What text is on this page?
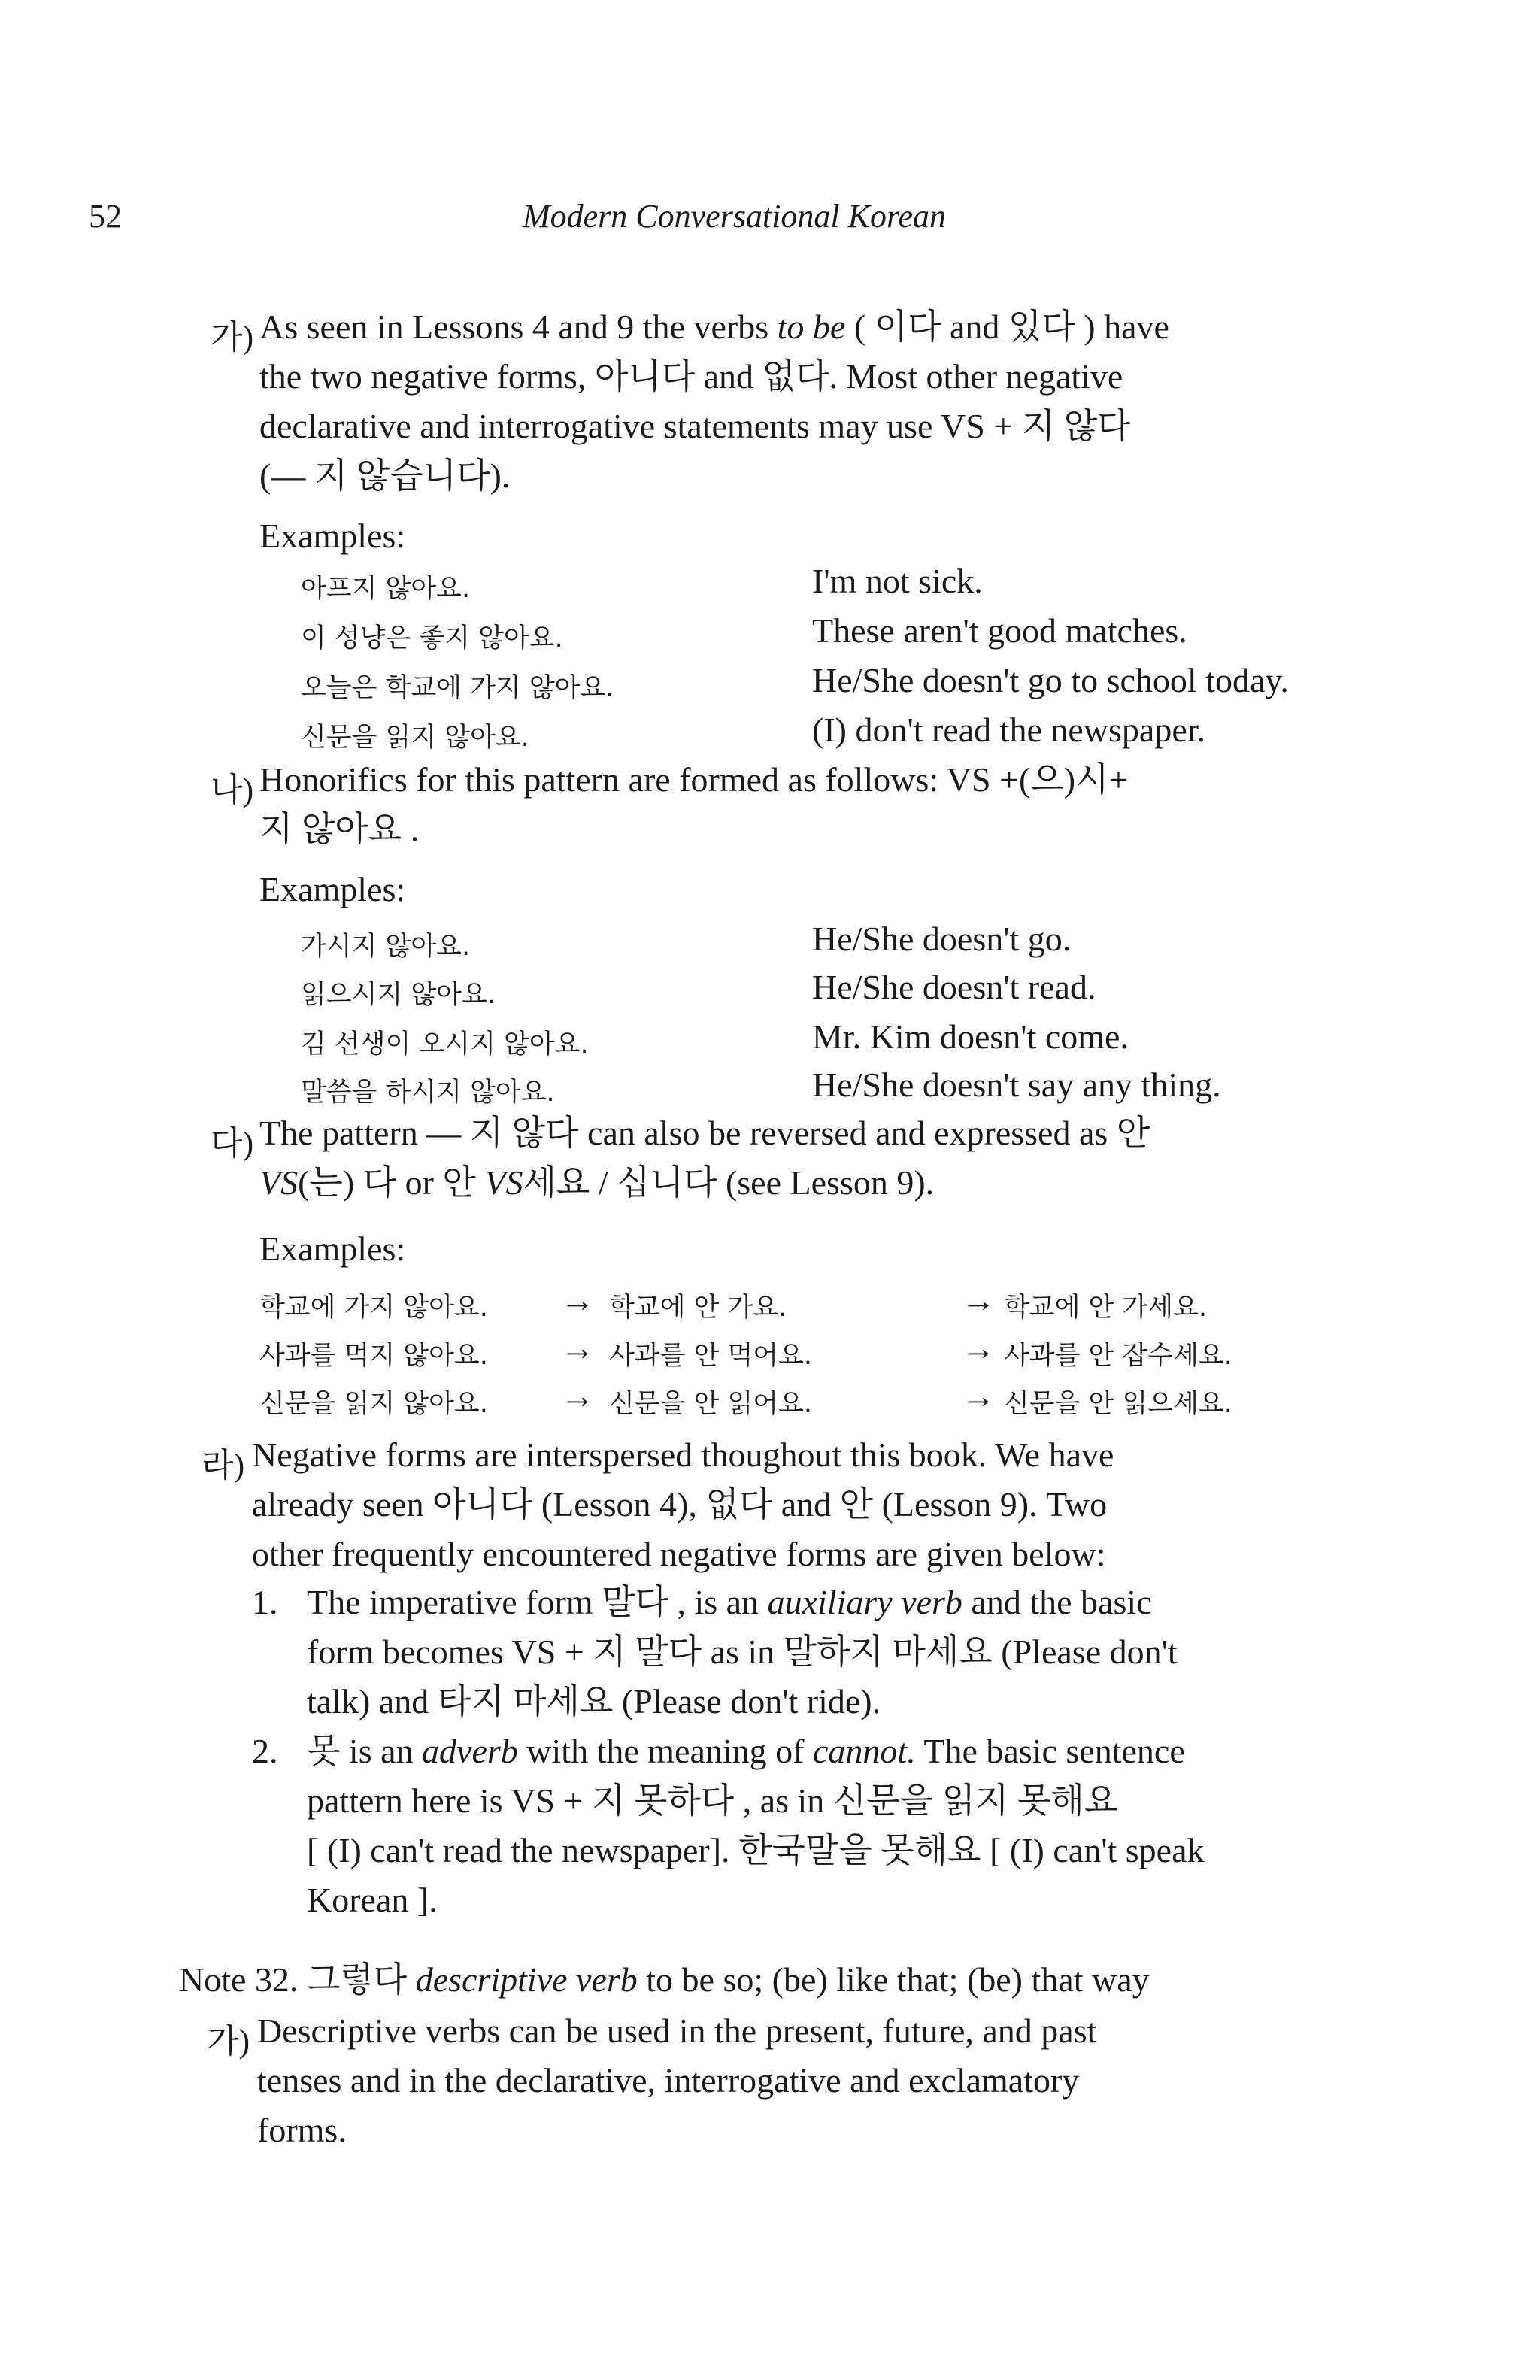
52	Modern Conversational Korean
가) As seen in Lessons 4 and 9 the verbs to be ( 이다 and 있다 ) have
the two negative forms, 아니다 and 없다. Most other negative
declarative and interrogative statements may use VS + 지 않다
(— 지 않습니다).
Examples:
아프지 않아요.	I'm not sick.
이 성냥은 좋지 않아요.	These aren't good matches.
오늘은 학교에 가지 않아요.	He/She doesn't go to school today.
신문을 읽지 않아요.	(I) don't read the newspaper.
나) Honorifics for this pattern are formed as follows: VS +(으)시+
지 않아요 .
Examples:
가시지 않아요.	He/She doesn't go.
읽으시지 않아요.	He/She doesn't read.
김 선생이 오시지 않아요.	Mr. Kim doesn't come.
말씀을 하시지 않아요.	He/She doesn't say any thing.
다) The pattern — 지 않다 can also be reversed and expressed as 안
VS(는) 다 or 안 VS세요 / 십니다 (see Lesson 9).
Examples:
학교에 가지 않아요. → 학교에 안 가요.	→ 학교에 안 가세요.
사과를 먹지 않아요. → 사과를 안 먹어요.	→ 사과를 안 잡수세요.
신문을 읽지 않아요. → 신문을 안 읽어요.	→ 신문을 안 읽으세요.
라) Negative forms are interspersed thoughout this book. We have
already seen 아니다 (Lesson 4), 없다 and 안 (Lesson 9). Two
other frequently encountered negative forms are given below:
1. The imperative form 말다 , is an auxiliary verb and the basic
form becomes VS + 지 말다 as in 말하지 마세요 (Please don't
talk) and 타지 마세요 (Please don't ride).
2. 못 is an adverb with the meaning of cannot. The basic sentence
pattern here is VS + 지 못하다 , as in 신문을 읽지 못해요
[ (I) can't read the newspaper]. 한국말을 못해요 [ (I) can't speak
Korean ].
Note 32. 그렇다 descriptive verb to be so; (be) like that; (be) that way
가) Descriptive verbs can be used in the present, future, and past
tenses and in the declarative, interrogative and exclamatory
forms.
